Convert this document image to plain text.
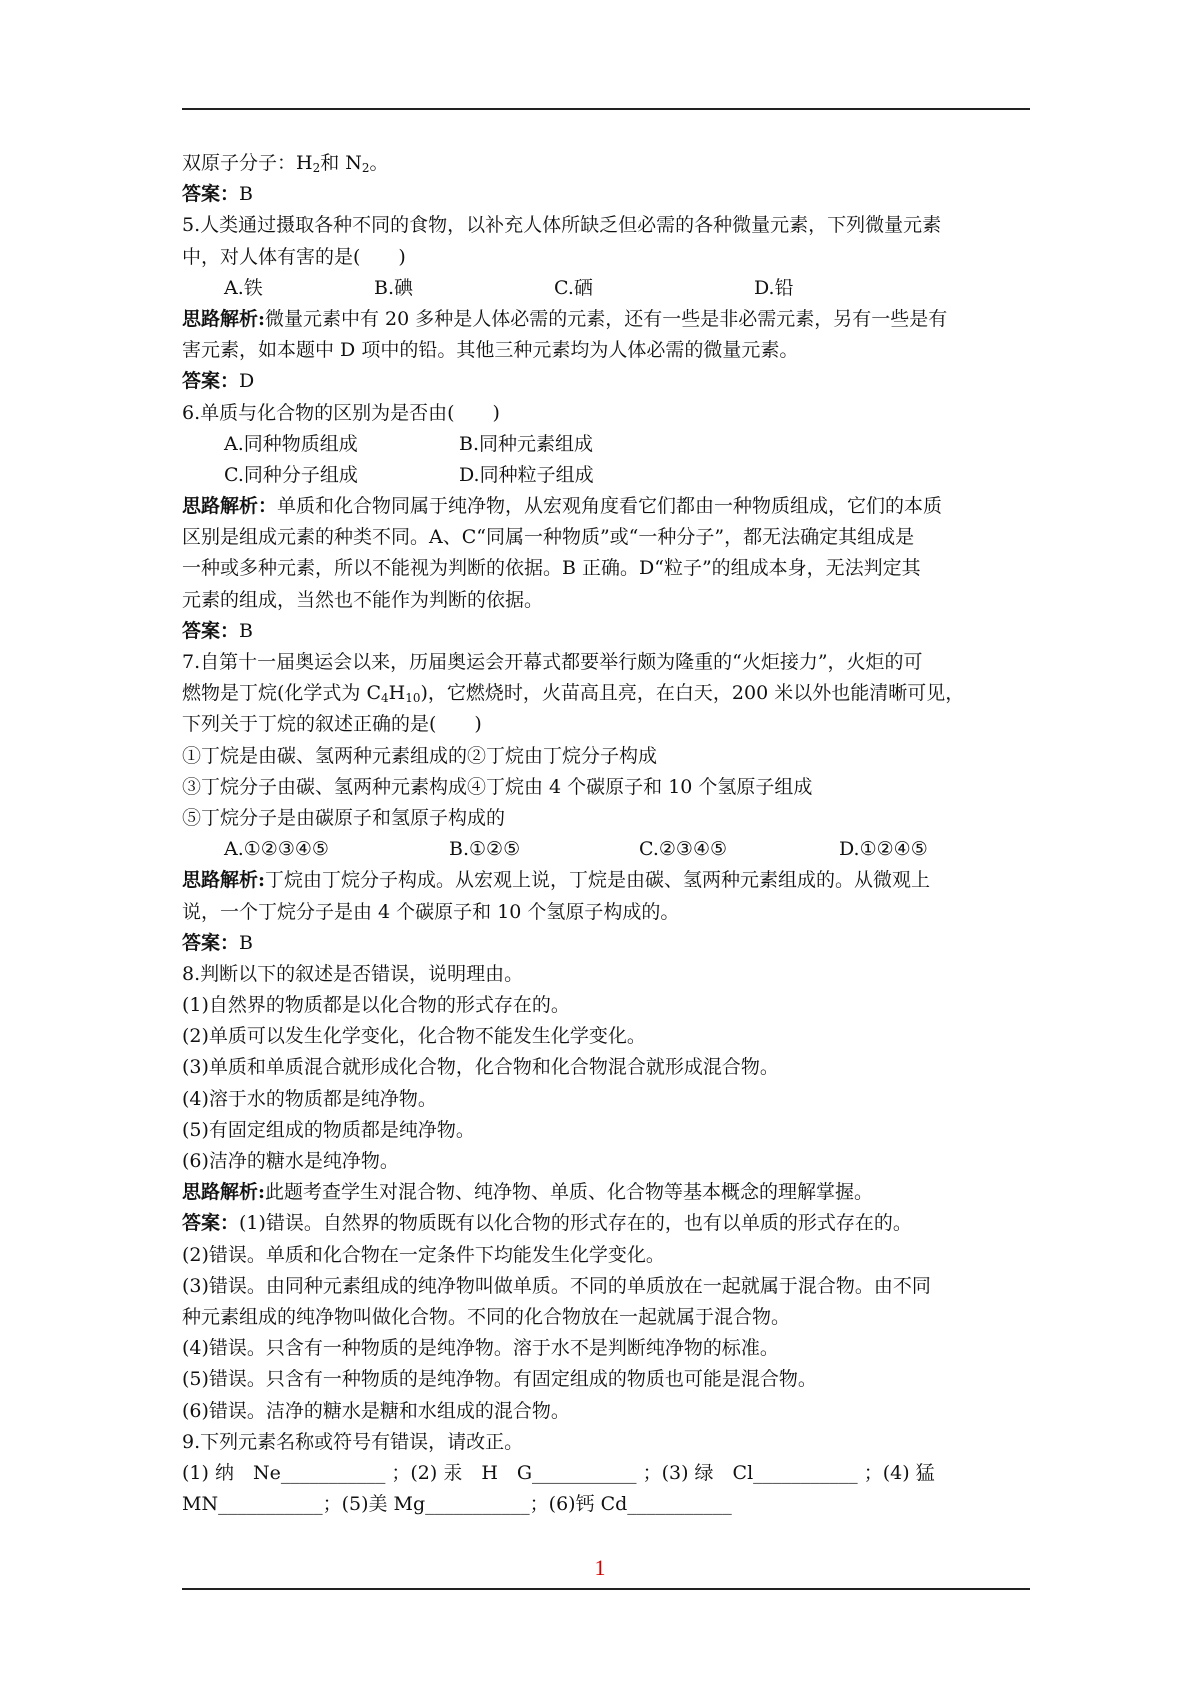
双原子分子：$H_2$和 $N_2$。
答案：B
5.人类通过摄取各种不同的食物，以补充人体所缺乏但必需的各种微量元素，下列微量元素
中，对人体有害的是(　　)
A.铁	B.碘	C.硒	D.铅
思路解析:微量元素中有 20 多种是人体必需的元素，还有一些是非必需元素，另有一些是有
害元素，如本题中 D 项中的铅。其他三种元素均为人体必需的微量元素。
答案：D
6.单质与化合物的区别为是否由(　　)
A.同种物质组成	B.同种元素组成
C.同种分子组成	D.同种粒子组成
思路解析：单质和化合物同属于纯净物，从宏观角度看它们都由一种物质组成，它们的本质
区别是组成元素的种类不同。A、C“同属一种物质”或“一种分子”，都无法确定其组成是
一种或多种元素，所以不能视为判断的依据。B 正确。D“粒子”的组成本身，无法判定其
元素的组成，当然也不能作为判断的依据。
答案：B
7.自第十一届奥运会以来，历届奥运会开幕式都要举行颇为隆重的“火炬接力”，火炬的可
燃物是丁烷(化学式为 $C_4H_{10}$)，它燃烧时，火苗高且亮，在白天，200 米以外也能清晰可见，
下列关于丁烷的叙述正确的是(　　)
①丁烷是由碳、氢两种元素组成的②丁烷由丁烷分子构成
③丁烷分子由碳、氢两种元素构成④丁烷由 4 个碳原子和 10 个氢原子组成
⑤丁烷分子是由碳原子和氢原子构成的
A.①②③④⑤	B.①②⑤	C.②③④⑤	D.①②④⑤
思路解析:丁烷由丁烷分子构成。从宏观上说，丁烷是由碳、氢两种元素组成的。从微观上
说，一个丁烷分子是由 4 个碳原子和 10 个氢原子构成的。
答案：B
8.判断以下的叙述是否错误，说明理由。
(1)自然界的物质都是以化合物的形式存在的。
(2)单质可以发生化学变化，化合物不能发生化学变化。
(3)单质和单质混合就形成化合物，化合物和化合物混合就形成混合物。
(4)溶于水的物质都是纯净物。
(5)有固定组成的物质都是纯净物。
(6)洁净的糖水是纯净物。
思路解析:此题考查学生对混合物、纯净物、单质、化合物等基本概念的理解掌握。
答案：(1)错误。自然界的物质既有以化合物的形式存在的，也有以单质的形式存在的。
(2)错误。单质和化合物在一定条件下均能发生化学变化。
(3)错误。由同种元素组成的纯净物叫做单质。不同的单质放在一起就属于混合物。由不同
种元素组成的纯净物叫做化合物。不同的化合物放在一起就属于混合物。
(4)错误。只含有一种物质的是纯净物。溶于水不是判断纯净物的标准。
(5)错误。只含有一种物质的是纯净物。有固定组成的物质也可能是混合物。
(6)错误。洁净的糖水是糖和水组成的混合物。
9.下列元素名称或符号有错误，请改正。
(1) 纳　Ne___________ ；(2) 汞　H　G___________ ；(3) 绿　Cl___________ ；(4) 猛
MN___________；(5)美 Mg___________；(6)钙 Cd___________
1
